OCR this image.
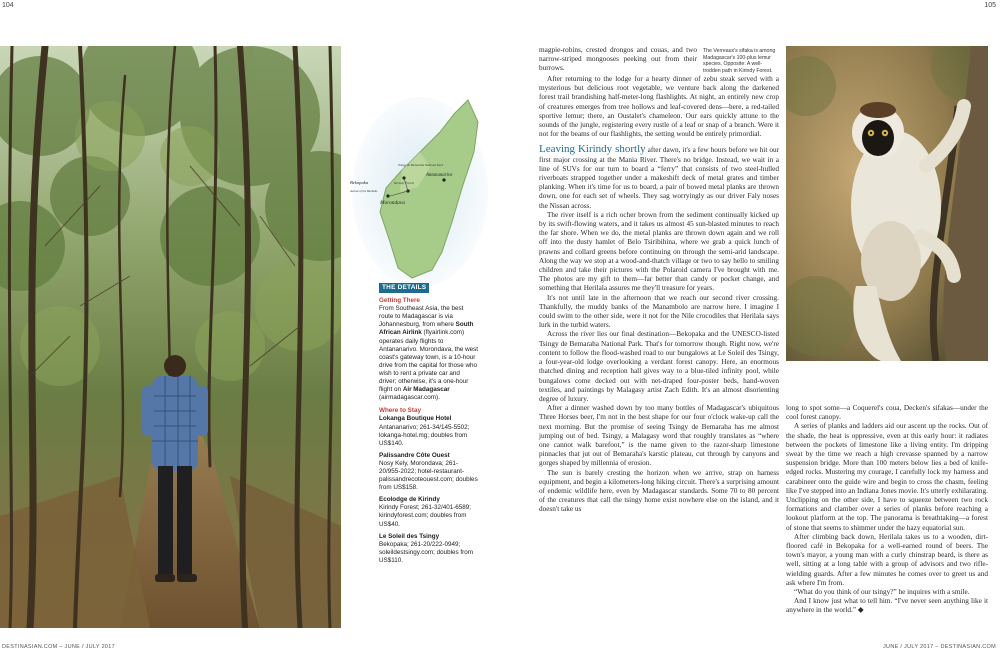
104	105
Tsingy de Bemaraha National Park
Bekopaka	Kirindy Forest
Morondava
Antananarivo
Avenue of the Baobabs
THE DETAILS
Getting There

From Southeast Asia, the best route to Madagascar is via Johannesburg, from where South African Airlink (flyairlink.com) operates daily flights to Antananarivo. Morondava, the west coast's gateway town, is a 10-hour drive from the capital for those who wish to rent a private car and driver; otherwise, it's a one-hour flight on Air Madagascar (airmadagascar.com).

Where to Stay
Lokanga Boutique Hotel
Antananarivo; 261-34/145-5502; lokanga-hotel.mg; doubles from US$140.
Palissandre Côte Ouest
Nosy Kely, Morondava; 261-20/955-2022; hotel-restaurant-palissandrecoteouest.com; doubles from US$158.
Ecolodge de Kirindy
Kirindy Forest; 261-32/401-6589; kirindyforest.com; doubles from US$40.
Le Soleil des Tsingy
Bekopaka; 261-20/222-0949; soleildestsingy.com; doubles from US$110.

magpie-robins, crested drongos and couas, and two narrow-striped mongooses peeking out from their burrows.

The Verreaux's sifaka is among Madagascar's 100-plus lemur species. Opposite: A well-trodden path in Kirindy Forest.

After returning to the lodge for a hearty dinner of zebu steak served with a mysterious but delicious root vegetable, we venture back along the darkened forest trail brandishing half-meter-long flashlights. At night, an entirely new crop of creatures emerges from tree hollows and leaf-covered dens—here, a red-tailed sportive lemur; there, an Oustalet's chameleon. Our ears quickly attune to the sounds of the jungle, registering every rustle of a leaf or snap of a branch. Were it not for the beams of our flashlights, the setting would be entirely primordial.

Leaving Kirindy shortly after dawn, it's a few hours before we hit our first major crossing at the Mania River. There's no bridge. Instead, we wait in a line of SUVs for our turn to board a “ferry” that consists of two steel-hulled riverboats strapped together under a makeshift deck of metal grates and timber planking. When it's time for us to board, a pair of bowed metal planks are thrown down, one for each set of wheels. They sag worryingly as our driver Faly noses the Nissan across.

The river itself is a rich ocher brown from the sediment continually kicked up by its swift-flowing waters, and it takes us almost 45 sun-blasted minutes to reach the far shore. When we do, the metal planks are thrown down again and we roll off into the dusty hamlet of Belo Tsiribihina, where we grab a quick lunch of prawns and collard greens before continuing on through the semi-arid landscape. Along the way we stop at a wood-and-thatch village or two to say hello to smiling children and take their pictures with the Polaroid camera I've brought with me. The photos are my gift to them—far better than candy or pocket change, and something that Herilala assures me they'll treasure for years.

It's not until late in the afternoon that we reach our second river crossing. Thankfully, the muddy banks of the Manambolo are narrow here. I imagine I could swim to the other side, were it not for the Nile crocodiles that Herilala says lurk in the turbid waters.

Across the river lies our final destination—Bekopaka and the UNESCO-listed Tsingy de Bemaraha National Park. That's for tomorrow though. Right now, we're content to follow the flood-washed road to our bungalows at Le Soleil des Tsingy, a four-year-old lodge overlooking a verdant forest canopy. Here, an enormous thatched dining and reception hall gives way to a blue-tiled infinity pool, while bungalows come decked out with net-draped four-poster beds, hand-woven textiles, and paintings by Malagasy artist Zach Edith. It's an almost disorienting degree of luxury.

After a dinner washed down by too many bottles of Madagascar's ubiquitous Three Horses beer, I'm not in the best shape for our four o'clock wake-up call the next morning. But the promise of seeing Tsingy de Bemaraha has me almost jumping out of bed. Tsingy, a Malagasy word that roughly translates as “where one cannot walk barefoot,” is the name given to the razor-sharp limestone pinnacles that jut out of Bemaraha's karstic plateau, cut through by canyons and gorges shaped by millennia of erosion.

The sun is barely cresting the horizon when we arrive, strap on harness equipment, and begin a kilometers-long hiking circuit. There's a surprising amount of endemic wildlife here, even by Madagascar standards. Some 70 to 80 percent of the creatures that call the tsingy home exist nowhere else on the island, and it doesn't take us

long to spot some—a Coquerel's coua, Decken's sifakas—under the cool forest canopy.

A series of planks and ladders aid our ascent up the rocks. Out of the shade, the heat is oppressive, even at this early hour: it radiates between the pockets of limestone like a living entity. I'm dripping sweat by the time we reach a high crevasse spanned by a narrow suspension bridge. More than 100 meters below lies a bed of knife-edged rocks. Mustering my courage, I carefully lock my harness and carabineer onto the guide wire and begin to cross the chasm, feeling like I've stepped into an Indiana Jones movie. It's utterly exhilarating. Unclipping on the other side, I have to squeeze between two rock formations and clamber over a series of planks before reaching a lookout platform at the top. The panorama is breathtaking—a forest of stone that seems to shimmer under the hazy equatorial sun.

After climbing back down, Herilala takes us to a wooden, dirt-floored café in Bekopaka for a well-earned round of beers. The town's mayor, a young man with a curly chinstrap beard, is there as well, sitting at a long table with a group of advisors and two rifle-wielding guards. After a few minutes he comes over to greet us and ask where I'm from.

“What do you think of our tsingy?” he inquires with a smile.

And I know just what to tell him. “I've never seen anything like it anywhere in the world.” ◆

DESTINASIAN.COM – JUNE / JULY 2017	JUNE / JULY 2017 – DESTINASIAN.COM
